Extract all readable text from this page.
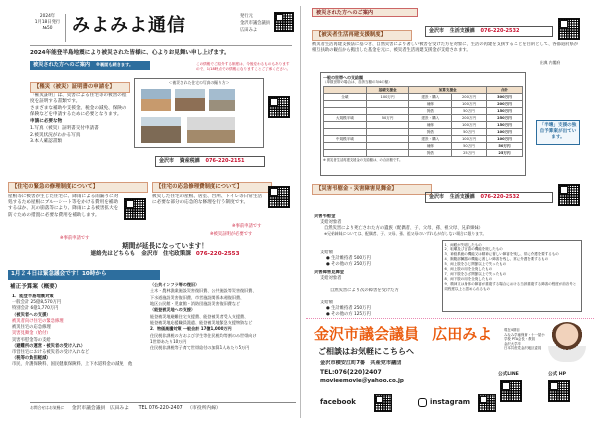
2024年
1月18日発行
№50	みよみよ通信	発行元
金沢市議会議員
広田みよ
2024年能登半島地震により被災された皆様に、心よりお見舞い申し上げます。
被災された方へのご案内 ※裏面も続きます。	この情報でご紹介する制度は、今後変わるものもありますので、1/18時点での情報になりますことご了承ください。
【罹災（被災）証明書の申請を】

「罹災証明」は、災害による住宅等の被害の程度を証明する書類です。

さまざまな補助や支援金、税金の減免、保険の保険などを申請するために必要となります。

申請に必要な物

1.写真（被災）証明書交付申請書

2.被災状況がわかる写真

3.本人確認書類

＜被災された住宅の写真の撮り方＞
金沢市 資産税課 076-220-2151
【住宅の緊急の修理制度について】
屋根等に被害が生じた住宅に、降雨による雨漏りに対処するため屋根にブルーシート等をかける費用を補助するほか、瓦の崩落等により、降雨による被害拡大を防ぐための措置に必要な費用を補助します。
※事前申請です
【住宅の応急修理費制度について】
被災した住宅の屋根、居室、台所、トイレ等日常生活に必要な部分の応急的な修理を行う制度です。
※事前申請です
※被災証明が必要です
期間が延長になっています！
連絡先はどちらも 金沢市 住宅政策課 076-220-2553
1月２４日は緊急議会です！10時から
補正予算案（概要）
1．能登半島地震対策
一般会計 25億8,570万円
特別会計 6億1,770万円
（被災者への支援）
被災者向け住宅の緊急修理
被災住宅の応急修理
災害見舞金（給付）
災害弔慰金等の支給
（避難所の運営・被災者の受け入れ）
市営住宅における被災者の受け入れなど
（税等の負担軽減）
市民、介護保険料、国民健康保険料、上下水道料金の減免　他
（公共インフラ等の復旧）
土木・農林漁業施設災害復旧費、公共施設等災害復旧費、
下水道施設災害復旧費、市営施設関係本週復旧費、
地区公民館・児童館・消防団施設災害復旧費など
（能登被災地への支援）
能登被災地避難住宅支援費、能登被災者受入支援費、
能登被災地応援職員派遣、能登被災地緊急支援物資など
2．物価高騰対策 一般会計 17億1,000万円
住民税非課税の方および学生等住民税均等割のみ世帯向け
1世帯あたり10万円
住民税非課税等子育て世帯給付の加算1人あたり5万円
お問合せはお気軽に 金沢市議会議員 広田みよ TEL 076-220-2407 （市役所内線）
被災された方へのご案内
【被災者生活再建支援制度】
金沢市 生活支援課 076-220-2532
被災者生活再建支援法に基づき、自然災害により著しい被害を受けた方を対象に、生活の再建を支援することを目的として、各都道府県が相互扶助の観点から拠出した基金を元に、被災者生活再建支援金が支給されます。
一般の世帯への支給額
（単数世帯の場合は、各該当額の3/4の額）
	基礎支援金	加算支援金		合計
全壊	100万円	建設・購入	200万円	300万円
		補修	100万円	200万円
		賃借	50万円	150万円
大規模半壊	50万円	建設・購入	200万円	250万円
		補修	100万円	150万円
		賃借	50万円	100万円
中規模半壊		建設・購入	100万円	100万円
		補修	50万円	50万円
		賃借	25万円	25万円
※ 被災者生活再建支援金の支給額は、の合計額です。
「半壊」支援の独自予算案が出ています。
出典 内閣府
【災害弔慰金・災害障害見舞金】
金沢市 生活支援課 076-220-2532
災害弔慰金
支給対象者
自然災害により死亡された方の遺族（配偶者、子、父母、孫、祖父母、兄弟姉妹）
※兄弟姉妹については、配偶者、子、父母、孫、祖父母のいずれもが存しない場合に限ります。
支給額
● 生計維持者 500万円
● その他の方 250万円
災害障害見舞金
支給対象者
自然災害により次の障害を受けた方
支給額
● 生計維持者 250万円
● その他の方 125万円
1．両眼が失明したもの
2．咀嚼及び言語の機能を廃したもの
3．神経系統の機能又は精神に著しい障害を残し、常に介護を要するもの
4．胸腹部臓器の機能に著しい障害を残し、常に介護を要するもの
5．両上肢をひじ関節以上で失ったもの
6．両上肢の用を全廃したもの
7．両下肢をひざ関節以上で失ったもの
8．両下肢の用を全廃したもの
9．精神又は身体の障害が重複する場合における当該重複する障害の程度が前各号と同程度以上と認められるもの
金沢市議会議員 広田みよ	現在4期目
みなみ学童保育・十一屋小学校 PTA会長・教員
金沢大学卒
日本共産党金沢地区委員
ご相談はお気軽にこちらへ
金沢市横安江町7番　共産党市議団
TEL:076(220)2407
movieemovie＠yahoo.co.jp
公式LINE	公式 HP
facebook	instagram
